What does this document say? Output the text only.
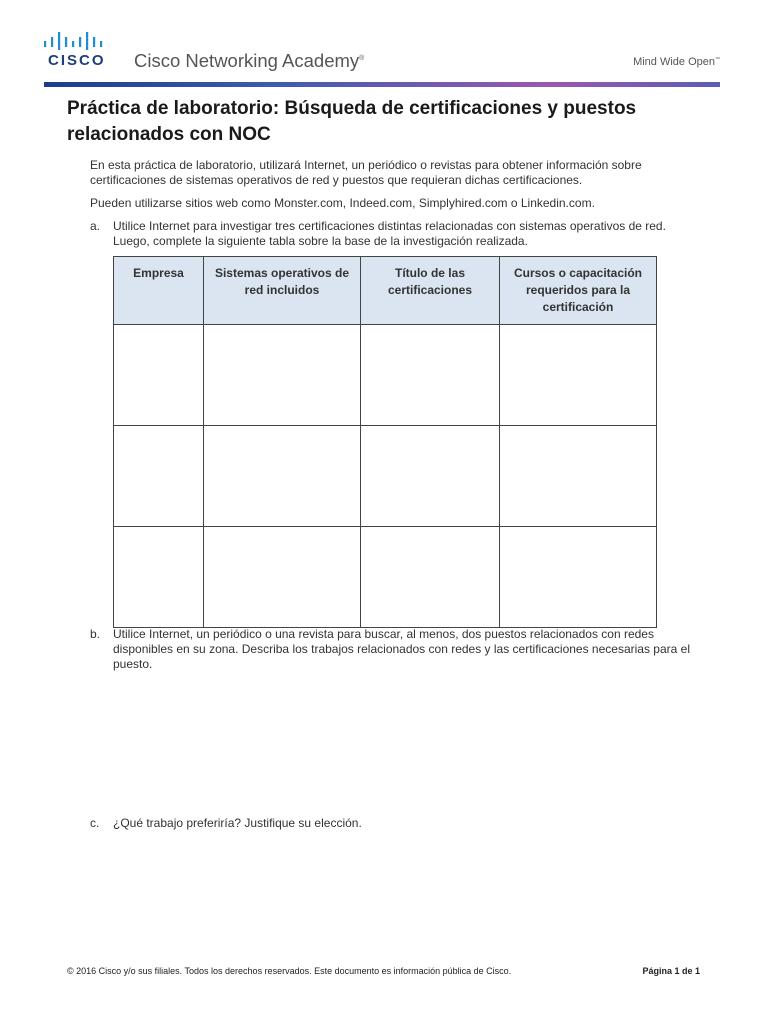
CISCO Cisco Networking Academy®	Mind Wide Open™
Práctica de laboratorio: Búsqueda de certificaciones y puestos relacionados con NOC

En esta práctica de laboratorio, utilizará Internet, un periódico o revistas para obtener información sobre certificaciones de sistemas operativos de red y puestos que requieran dichas certificaciones.

Pueden utilizarse sitios web como Monster.com, Indeed.com, Simplyhired.com o Linkedin.com.

a.	Utilice Internet para investigar tres certificaciones distintas relacionadas con sistemas operativos de red. Luego, complete la siguiente tabla sobre la base de la investigación realizada.
Empresa	Sistemas operativos de red incluidos	Título de las certificaciones	Cursos o capacitación requeridos para la certificación

b.	Utilice Internet, un periódico o una revista para buscar, al menos, dos puestos relacionados con redes disponibles en su zona. Describa los trabajos relacionados con redes y las certificaciones necesarias para el puesto.
c.	¿Qué trabajo preferiría? Justifique su elección.
© 2016 Cisco y/o sus filiales. Todos los derechos reservados. Este documento es información pública de Cisco.	Página 1 de 1
